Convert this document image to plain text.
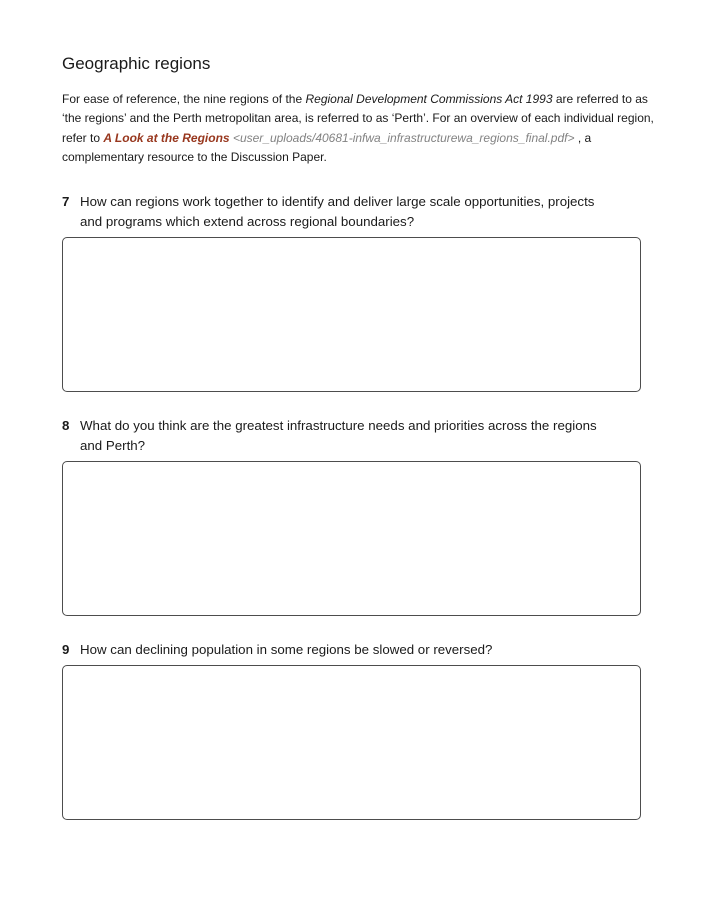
Geographic regions

For ease of reference, the nine regions of the Regional Development Commissions Act 1993 are referred to as ‘the regions’ and the Perth metropolitan area, is referred to as ‘Perth’. For an overview of each individual region, refer to A Look at the Regions <user_uploads/40681-infwa_infrastructurewa_regions_final.pdf> , a complementary resource to the Discussion Paper.

7 How can regions work together to identify and deliver large scale opportunities, projects and programs which extend across regional boundaries?
8 What do you think are the greatest infrastructure needs and priorities across the regions and Perth?
9 How can declining population in some regions be slowed or reversed?
